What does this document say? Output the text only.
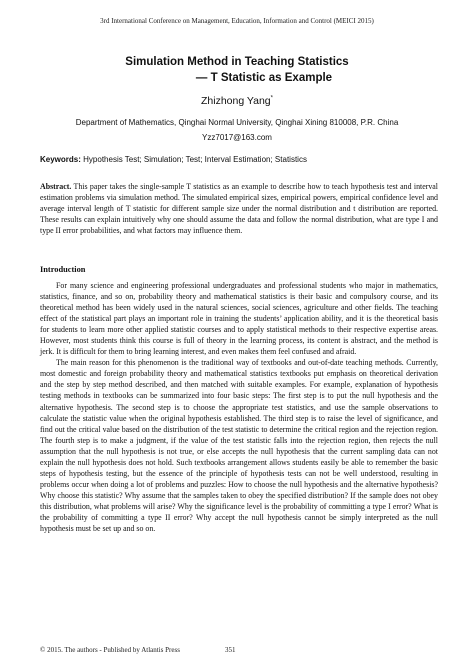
3rd International Conference on Management, Education, Information and Control (MEICI 2015)
Simulation Method in Teaching Statistics
— T Statistic as Example
Zhizhong Yang*
Department of Mathematics, Qinghai Normal University, Qinghai Xining 810008, P.R. China
Yzz7017@163.com
Keywords: Hypothesis Test; Simulation; Test; Interval Estimation; Statistics
Abstract. This paper takes the single-sample T statistics as an example to describe how to teach hypothesis test and interval estimation problems via simulation method. The simulated empirical sizes, empirical powers, empirical confidence level and average interval length of T statistic for different sample size under the normal distribution and t distribution are reported. These results can explain intuitively why one should assume the data and follow the normal distribution, what are type I and type II error probabilities, and what factors may influence them.
Introduction

For many science and engineering professional undergraduates and professional students who major in mathematics, statistics, finance, and so on, probability theory and mathematical statistics is their basic and compulsory course, and its theoretical method has been widely used in the natural sciences, social sciences, agriculture and other fields. The teaching effect of the statistical part plays an important role in training the students’ application ability, and it is the theoretical basis for students to learn more other applied statistic courses and to apply statistical methods to their respective expertise areas. However, most students think this course is full of theory in the learning process, its content is abstract, and the method is jerk. It is difficult for them to bring learning interest, and even makes them feel confused and afraid.

The main reason for this phenomenon is the traditional way of textbooks and out-of-date teaching methods. Currently, most domestic and foreign probability theory and mathematical statistics textbooks put emphasis on theoretical derivation and the step by step method described, and then matched with suitable examples. For example, explanation of hypothesis testing methods in textbooks can be summarized into four basic steps: The first step is to put the null hypothesis and the alternative hypothesis. The second step is to choose the appropriate test statistics, and use the sample observations to calculate the statistic value when the original hypothesis established. The third step is to raise the level of significance, and find out the critical value based on the distribution of the test statistic to determine the critical region and the rejection region. The fourth step is to make a judgment, if the value of the test statistic falls into the rejection region, then rejects the null assumption that the null hypothesis is not true, or else accepts the null hypothesis that the current sampling data can not explain the null hypothesis does not hold. Such textbooks arrangement allows students easily be able to remember the basic steps of hypothesis testing, but the essence of the principle of hypothesis tests can not be well understood, resulting in problems occur when doing a lot of problems and puzzles: How to choose the null hypothesis and the alternative hypothesis? Why choose this statistic? Why assume that the samples taken to obey the specified distribution? If the sample does not obey this distribution, what problems will arise? Why the significance level is the probability of committing a type I error? What is the probability of committing a type II error? Why accept the null hypothesis cannot be simply interpreted as the null hypothesis must be set up and so on.

© 2015. The authors - Published by Atlantis Press	351
